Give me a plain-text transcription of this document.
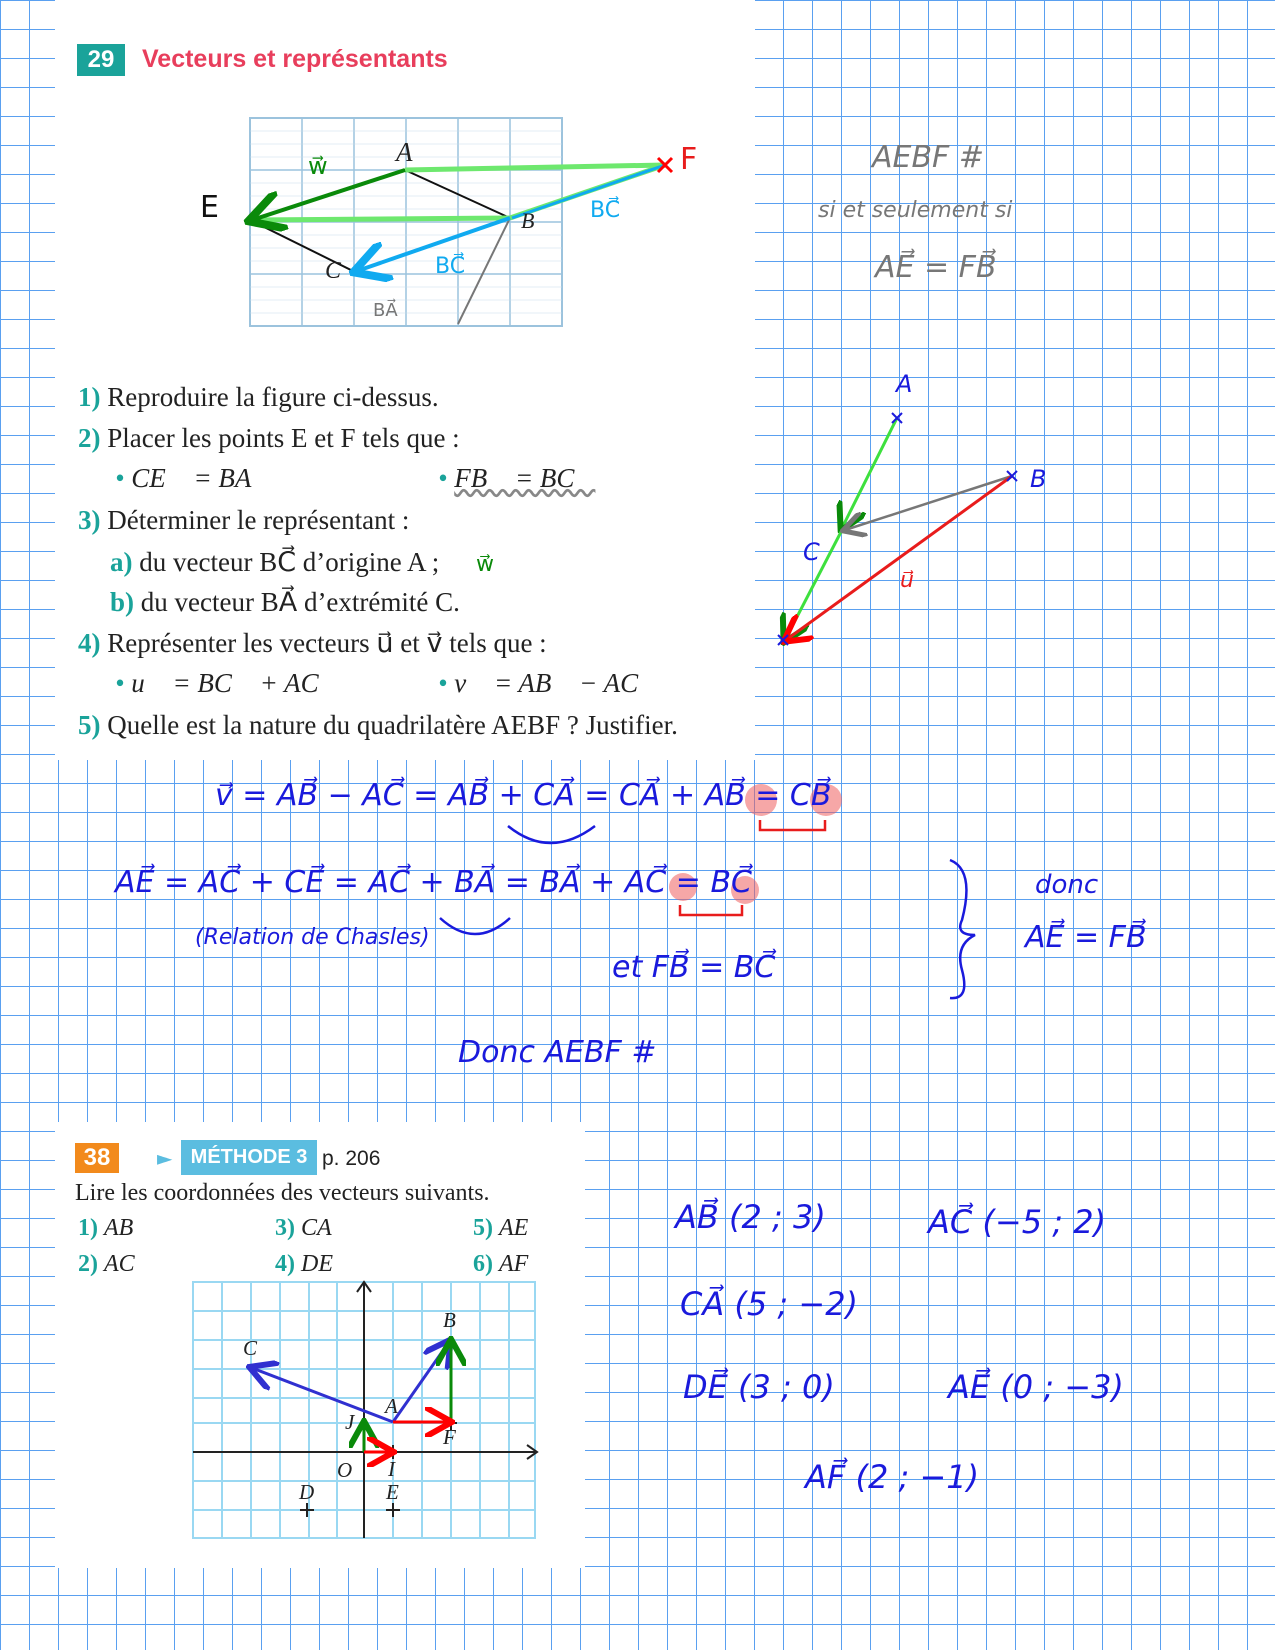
29	Vecteurs et représentants
A
B
C
E
F
w⃗
BC⃗
BC⃗
BA⃗
1) Reproduire la figure ci-dessus.
2) Placer les points E et F tels que :
• CE⃗ = BA⃗	• FB⃗ = BC⃗
3) Déterminer le représentant :
a) du vecteur BC⃗ d’origine A ; w⃗
b) du vecteur BA⃗ d’extrémité C.
4) Représenter les vecteurs u⃗ et v⃗ tels que :
• u⃗ = BC⃗ + AC⃗	• v⃗ = AB⃗ − AC⃗
5) Quelle est la nature du quadrilatère AEBF ? Justifier.
AEBF #
si et seulement si
AE⃗ = FB⃗
A
B
C
u⃗
v⃗ = AB⃗ − AC⃗ = AB⃗ + CA⃗ = CA⃗ + AB⃗ = CB⃗
AE⃗ = AC⃗ + CE⃗ = AC⃗ + BA⃗ = BA⃗ + AC⃗ = BC⃗
(Relation de Chasles)
et FB⃗ = BC⃗
donc
AE⃗ = FB⃗
Donc AEBF #
38	► MÉTHODE 3 p. 206
Lire les coordonnées des vecteurs suivants.
1) AB⃗
2) AC⃗
3) CA⃗
4) DE⃗
5) AE⃗
6) AF⃗
A
B
C
D	E
F
I
J
O
AB⃗ (2 ; 3)	AC⃗ (−5 ; 2)
CA⃗ (5 ; −2)
DE⃗ (3 ; 0)	AE⃗ (0 ; −3)
AF⃗ (2 ; −1)
